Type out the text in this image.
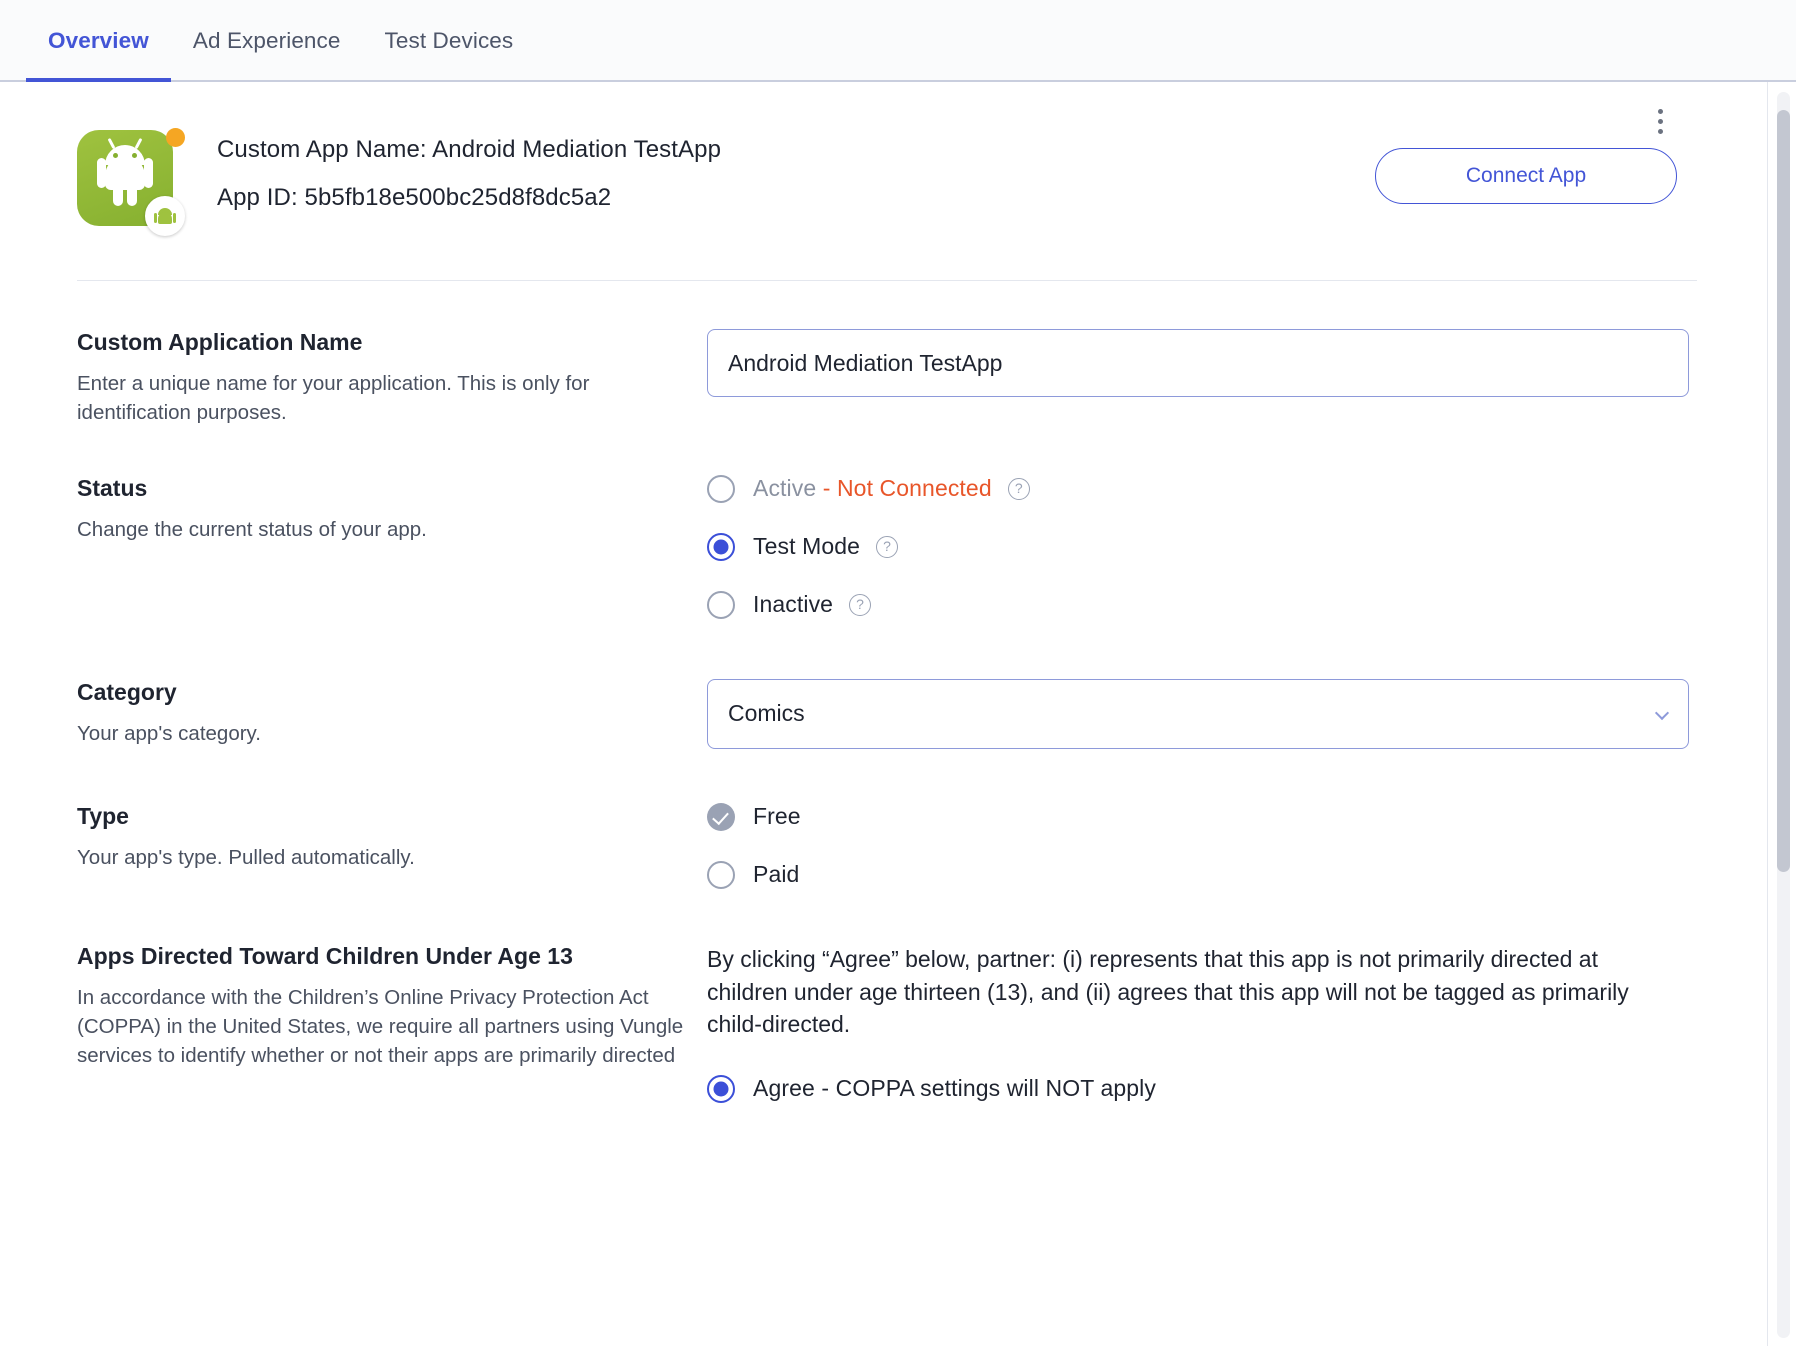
Overview	Ad Experience	Test Devices
Custom App Name: Android Mediation TestApp
App ID: 5b5fb18e500bc25d8f8dc5a2
Connect App
Custom Application Name
Enter a unique name for your application. This is only for identification purposes.
Android Mediation TestApp
Status
Change the current status of your app.
Active - Not Connected	?
Test Mode	?
Inactive	?
Category
Your app's category.
Comics
Type
Your app's type. Pulled automatically.
Free
Paid
Apps Directed Toward Children Under Age 13
In accordance with the Children’s Online Privacy Protection Act (COPPA) in the United States, we require all partners using Vungle services to identify whether or not their apps are primarily directed
By clicking “Agree” below, partner: (i) represents that this app is not primarily directed at children under age thirteen (13), and (ii) agrees that this app will not be tagged as primarily child-directed.
Agree - COPPA settings will NOT apply
